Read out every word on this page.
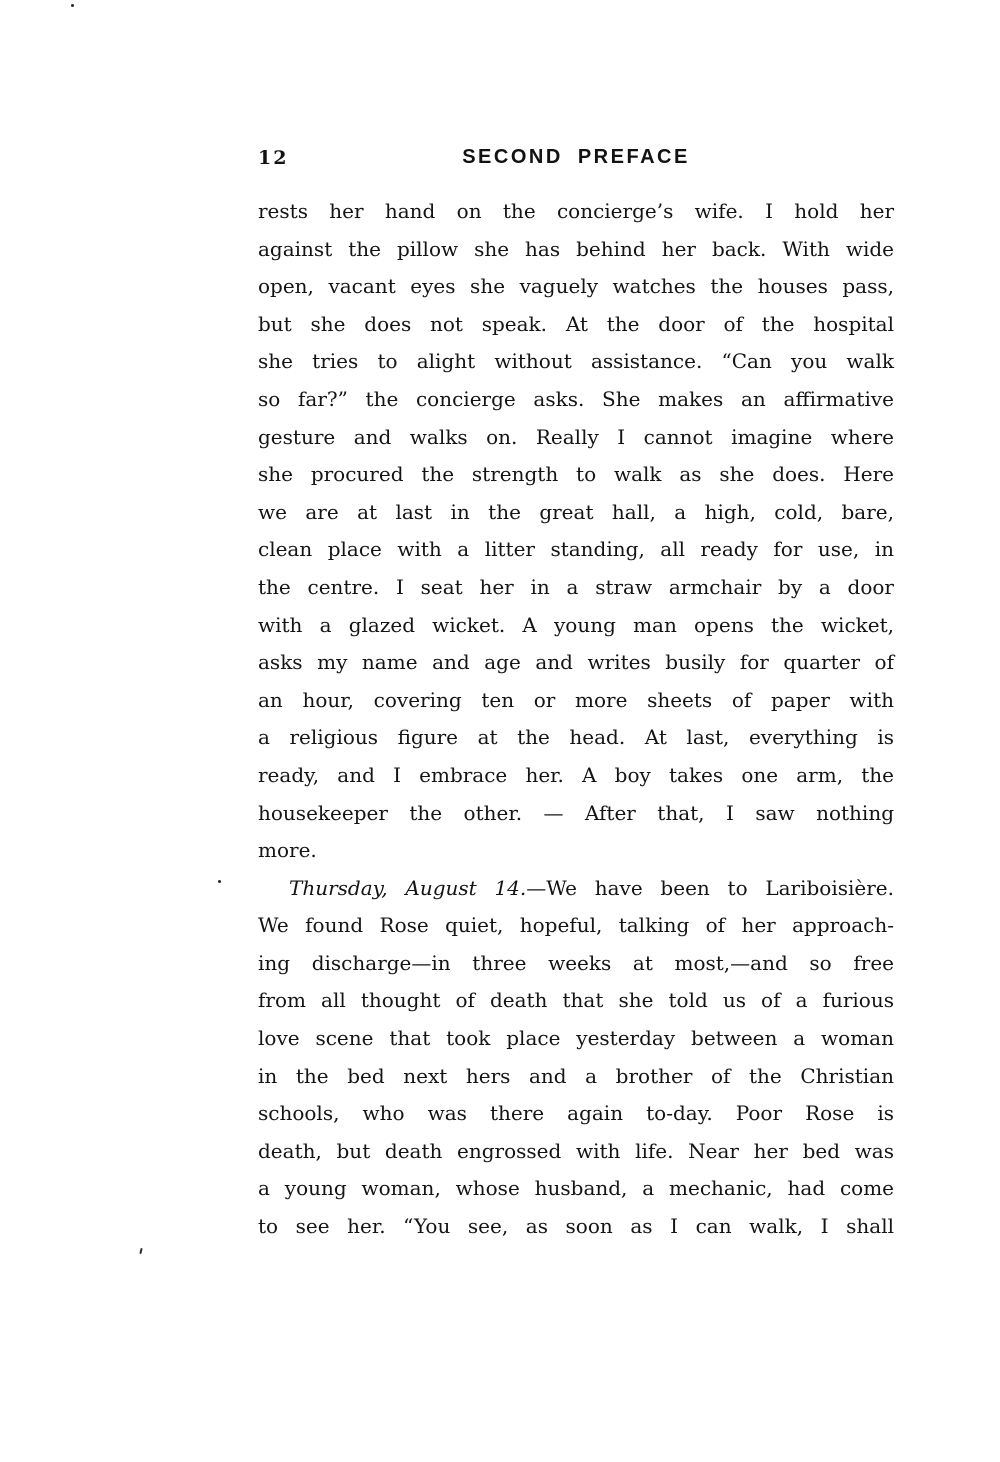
12	SECOND PREFACE
rests her hand on the concierge’s wife. I hold her
against the pillow she has behind her back. With wide
open, vacant eyes she vaguely watches the houses pass,
but she does not speak. At the door of the hospital
she tries to alight without assistance. “Can you walk
so far?” the concierge asks. She makes an affirmative
gesture and walks on. Really I cannot imagine where
she procured the strength to walk as she does. Here
we are at last in the great hall, a high, cold, bare,
clean place with a litter standing, all ready for use, in
the centre. I seat her in a straw armchair by a door
with a glazed wicket. A young man opens the wicket,
asks my name and age and writes busily for quarter of
an hour, covering ten or more sheets of paper with
a religious figure at the head. At last, everything is
ready, and I embrace her. A boy takes one arm, the
housekeeper the other. — After that, I saw nothing
more.
Thursday, August 14.—We have been to Lariboisière.
We found Rose quiet, hopeful, talking of her approach-
ing discharge—in three weeks at most,—and so free
from all thought of death that she told us of a furious
love scene that took place yesterday between a woman
in the bed next hers and a brother of the Christian
schools, who was there again to-day. Poor Rose is
death, but death engrossed with life. Near her bed was
a young woman, whose husband, a mechanic, had come
to see her. “You see, as soon as I can walk, I shall
